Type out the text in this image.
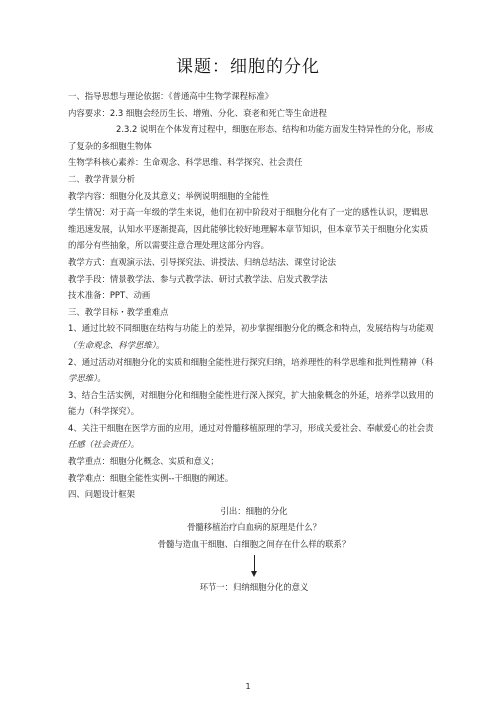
课题：细胞的分化

一、指导思想与理论依据：《普通高中生物学课程标准》

内容要求：2.3 细胞会经历生长、增殖、分化、衰老和死亡等生命进程

2.3.2 说明在个体发育过程中，细胞在形态、结构和功能方面发生特异性的分化，形成

了复杂的多细胞生物体

生物学科核心素养：生命观念、科学思维、科学探究、社会责任

二、教学背景分析

教学内容：细胞分化及其意义；举例说明细胞的全能性

学生情况：对于高一年级的学生来说，他们在初中阶段对于细胞分化有了一定的感性认识，逻辑思

维迅速发展，认知水平逐渐提高，因此能够比较好地理解本章节知识，但本章节关于细胞分化实质

的部分有些抽象，所以需要注意合理处理这部分内容。

教学方式：直观演示法、引导探究法、讲授法、归纳总结法、课堂讨论法

教学手段：情景教学法、参与式教学法、研讨式教学法、启发式教学法

技术准备：PPT、动画

三、教学目标・教学重难点

1、通过比较不同细胞在结构与功能上的差异，初步掌握细胞分化的概念和特点，发展结构与功能观

（生命观念、科学思维）。

2、通过活动对细胞分化的实质和细胞全能性进行探究归纳，培养理性的科学思维和批判性精神（科

学思维）。

3、结合生活实例，对细胞分化和细胞全能性进行深入探究，扩大抽象概念的外延，培养学以致用的

能力（科学探究）。

4、关注干细胞在医学方面的应用，通过对骨髓移植原理的学习，形成关爱社会、奉献爱心的社会责

任感（社会责任）。

教学重点：细胞分化概念、实质和意义；

教学难点：细胞全能性实例--干细胞的阐述。

四、问题设计框架

引出：细胞的分化

骨髓移植治疗白血病的原理是什么？

骨髓与造血干细胞、白细胞之间存在什么样的联系？

环节一：归纳细胞分化的意义

1
